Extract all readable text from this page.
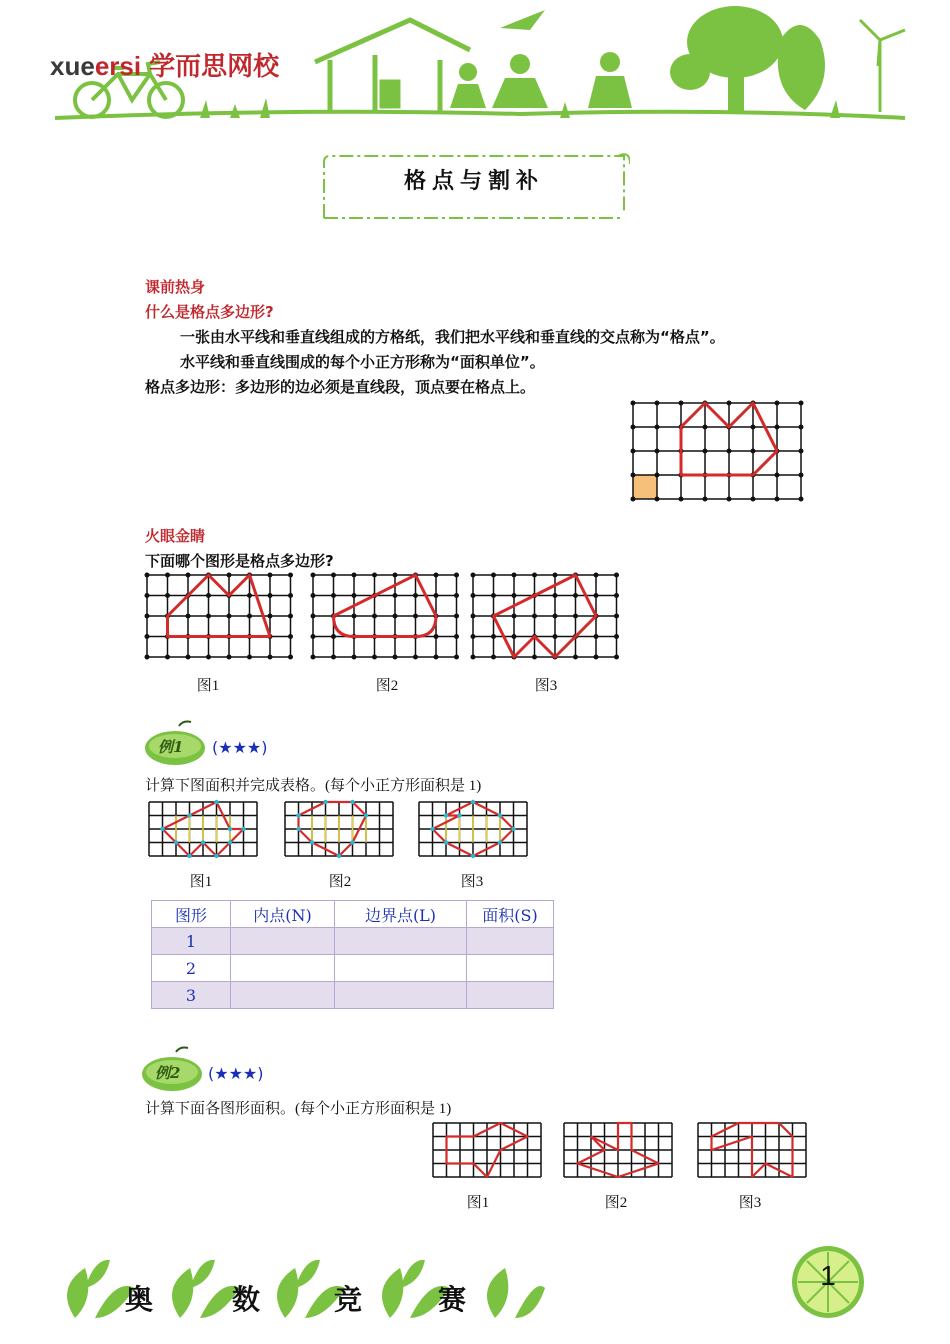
xueersi 学而思网校
格点与割补
课前热身
什么是格点多边形?
一张由水平线和垂直线组成的方格纸，我们把水平线和垂直线的交点称为“格点”。
水平线和垂直线围成的每个小正方形称为“面积单位”。
格点多边形：多边形的边必须是直线段，顶点要在格点上。
火眼金睛
下面哪个图形是格点多边形?
图1	图2	图3
例1 (★★★)
计算下图面积并完成表格。(每个小正方形面积是 1)
图1	图2	图3
图形	内点(N)	边界点(L)	面积(S)
1			
2			
3			
例2 (★★★)
计算下面各图形面积。(每个小正方形面积是 1)
图1	图2	图3
奥	数	竞	赛
1
